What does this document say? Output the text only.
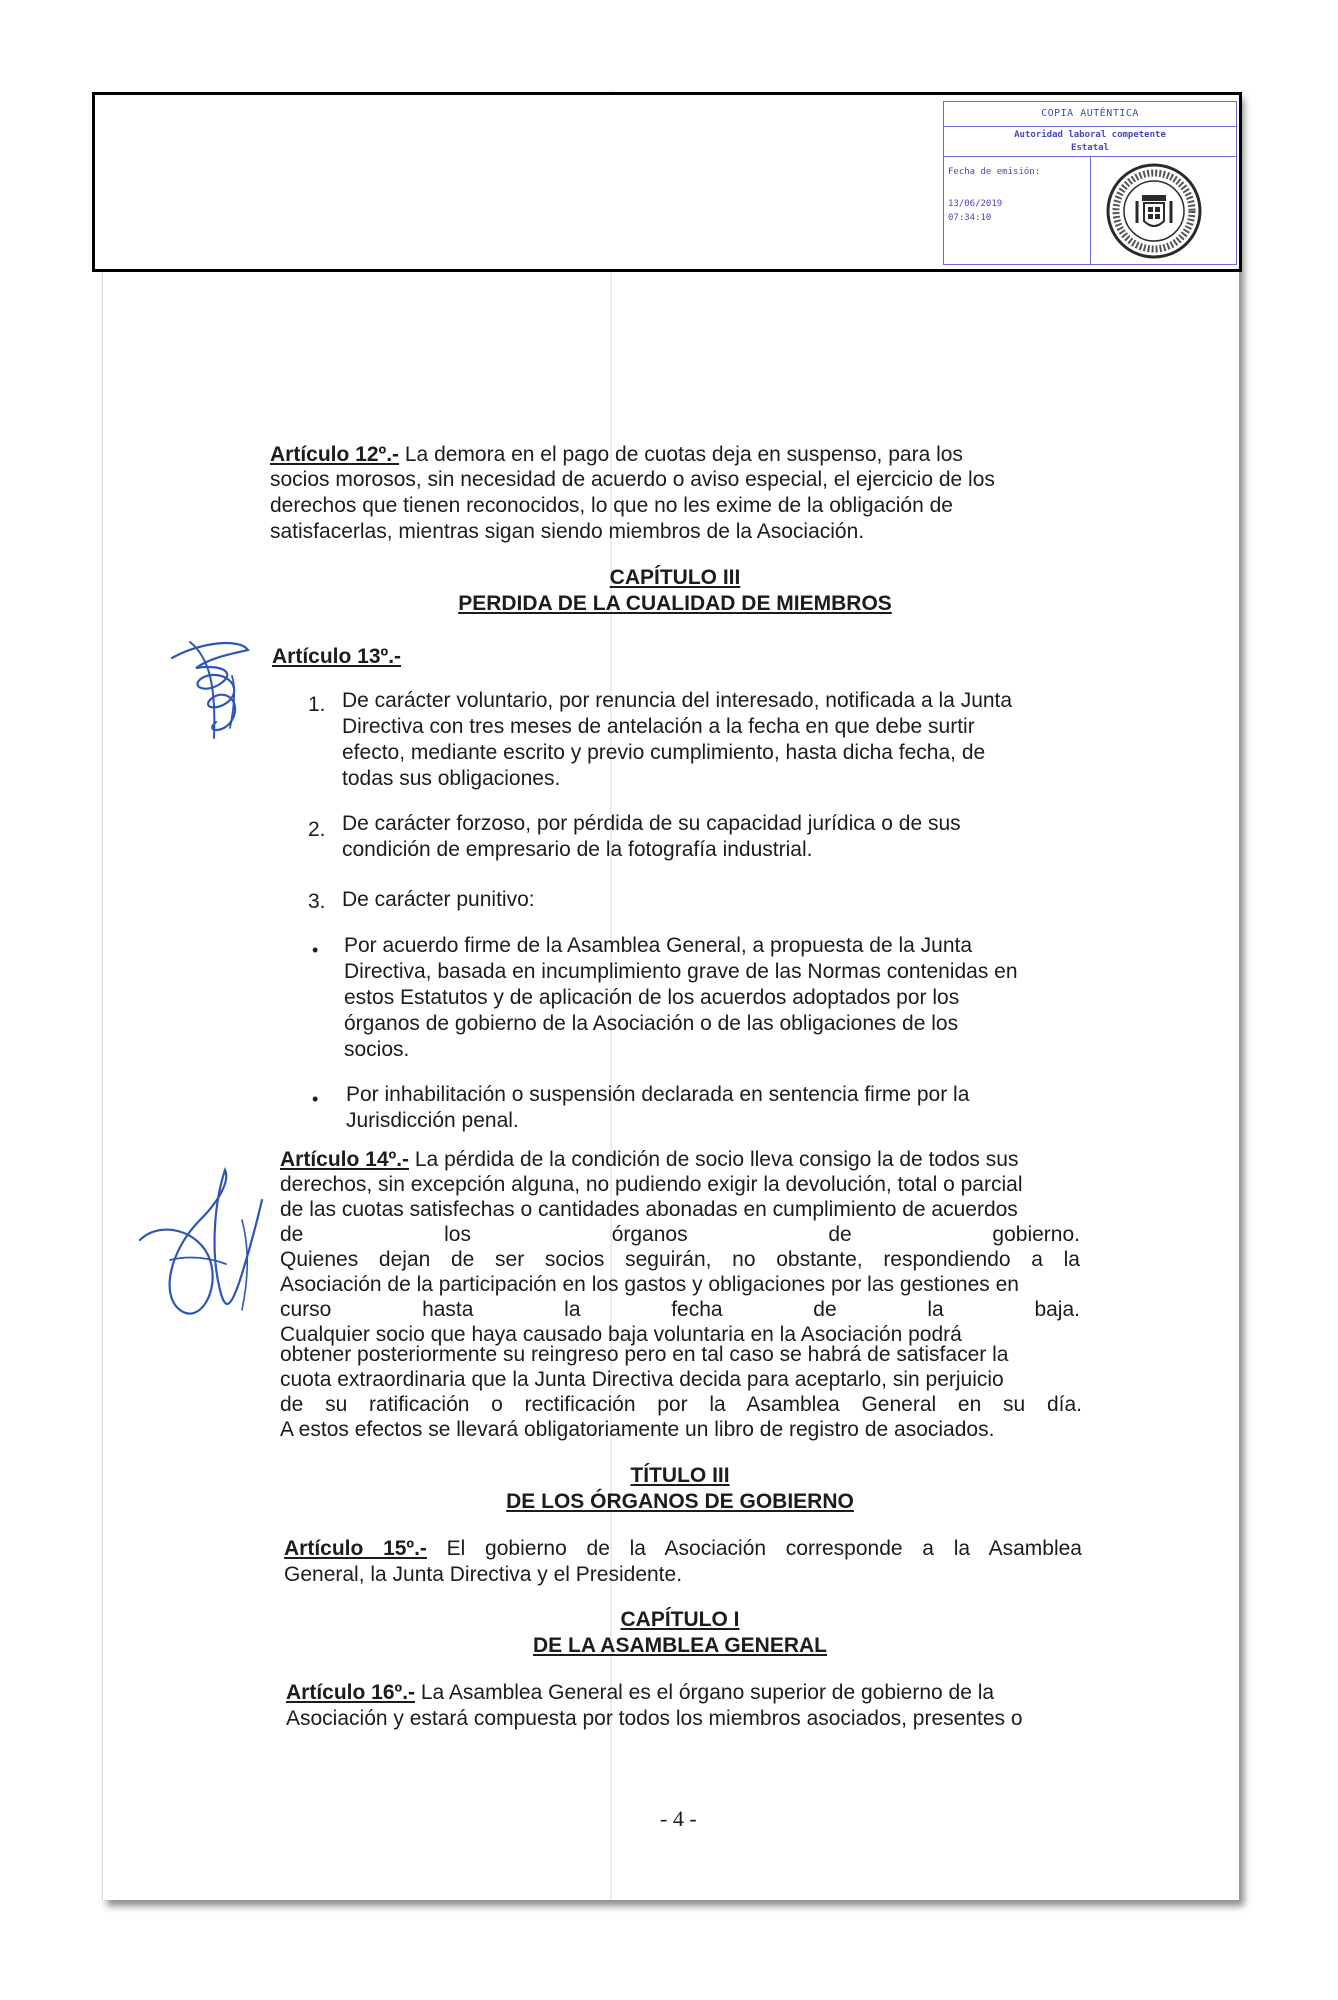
COPIA AUTÉNTICA
Autoridad laboral competente
Estatal
Fecha de emisión:
13/06/2019
07:34:10
Artículo 12º.- La demora en el pago de cuotas deja en suspenso, para los
socios morosos, sin necesidad de acuerdo o aviso especial, el ejercicio de los
derechos que tienen reconocidos, lo que no les exime de la obligación de
satisfacerlas, mientras sigan siendo miembros de la Asociación.
CAPÍTULO III
PERDIDA DE LA CUALIDAD DE MIEMBROS
Artículo 13º.-
1. De carácter voluntario, por renuncia del interesado, notificada a la Junta
Directiva con tres meses de antelación a la fecha en que debe surtir
efecto, mediante escrito y previo cumplimiento, hasta dicha fecha, de
todas sus obligaciones.
2. De carácter forzoso, por pérdida de su capacidad jurídica o de sus
condición de empresario de la fotografía industrial.
3. De carácter punitivo:
• Por acuerdo firme de la Asamblea General, a propuesta de la Junta
Directiva, basada en incumplimiento grave de las Normas contenidas en
estos Estatutos y de aplicación de los acuerdos adoptados por los
órganos de gobierno de la Asociación o de las obligaciones de los
socios.
• Por inhabilitación o suspensión declarada en sentencia firme por la
Jurisdicción penal.
Artículo 14º.- La pérdida de la condición de socio lleva consigo la de todos sus
derechos, sin excepción alguna, no pudiendo exigir la devolución, total o parcial
de las cuotas satisfechas o cantidades abonadas en cumplimiento de acuerdos
de los órganos de gobierno.
Quienes dejan de ser socios seguirán, no obstante, respondiendo a la
Asociación de la participación en los gastos y obligaciones por las gestiones en
curso hasta la fecha de la baja.
Cualquier socio que haya causado baja voluntaria en la Asociación podrá
obtener posteriormente su reingreso pero en tal caso se habrá de satisfacer la
cuota extraordinaria que la Junta Directiva decida para aceptarlo, sin perjuicio
de su ratificación o rectificación por la Asamblea General en su día.
A estos efectos se llevará obligatoriamente un libro de registro de asociados.
TÍTULO III
DE LOS ÓRGANOS DE GOBIERNO
Artículo 15º.- El gobierno de la Asociación corresponde a la Asamblea
General, la Junta Directiva y el Presidente.
CAPÍTULO I
DE LA ASAMBLEA GENERAL
Artículo 16º.- La Asamblea General es el órgano superior de gobierno de la
Asociación y estará compuesta por todos los miembros asociados, presentes o
- 4 -
